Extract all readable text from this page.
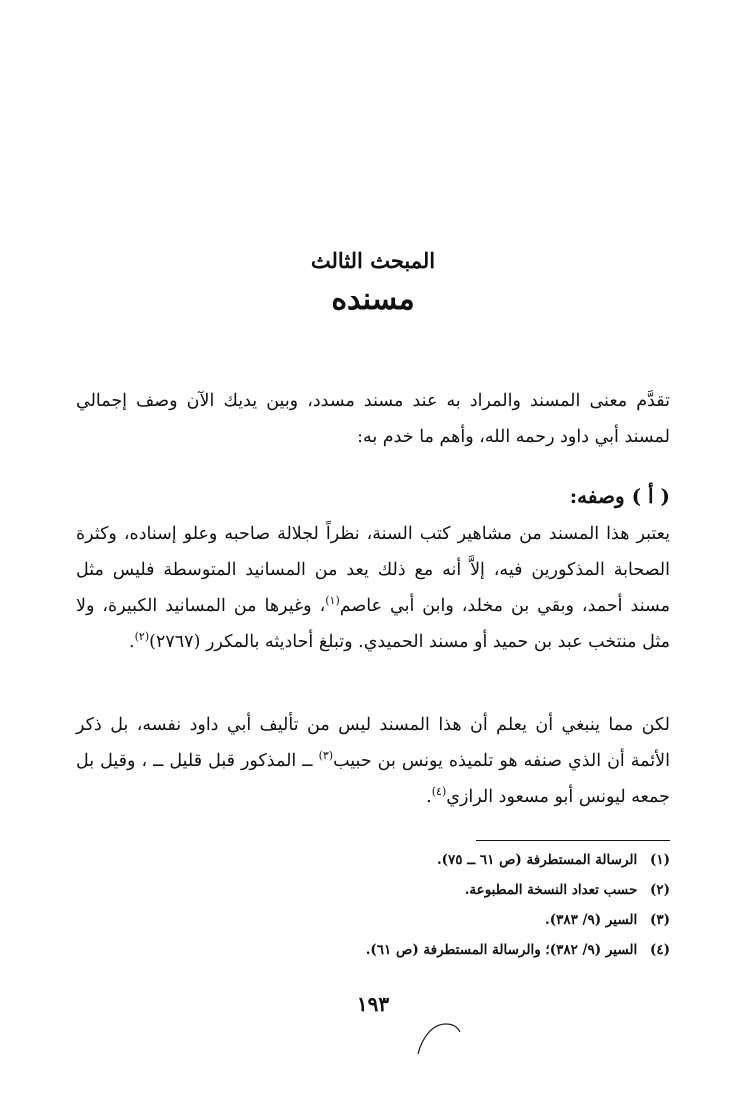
المبحث الثالث
مسنده

تقدَّم معنى المسند والمراد به عند مسند مسدد، وبين يديك الآن وصف إجمالي لمسند أبي داود رحمه الله، وأهم ما خدم به:

( أ ) وصفه:

يعتبر هذا المسند من مشاهير كتب السنة، نظراً لجلالة صاحبه وعلو إسناده، وكثرة الصحابة المذكورين فيه، إلاَّ أنه مع ذلك يعد من المسانيد المتوسطة فليس مثل مسند أحمد، وبقي بن مخلد، وابن أبي عاصم$^{(١)}$، وغيرها من المسانيد الكبيرة، ولا مثل منتخب عبد بن حميد أو مسند الحميدي. وتبلغ أحاديثه بالمكرر (٢٧٦٧)$^{(٢)}$.

لكن مما ينبغي أن يعلم أن هذا المسند ليس من تأليف أبي داود نفسه، بل ذكر الأئمة أن الذي صنفه هو تلميذه يونس بن حبيب$^{(٣)}$ ــ المذكور قبل قليل ــ ، وقيل بل جمعه ليونس أبو مسعود الرازي$^{(٤)}$.

(١) الرسالة المستطرفة (ص ٦١ ــ ٧٥).
(٢) حسب تعداد النسخة المطبوعة.
(٣) السير (٩/ ٣٨٣).
(٤) السير (٩/ ٣٨٢)؛ والرسالة المستطرفة (ص ٦١).
١٩٣
